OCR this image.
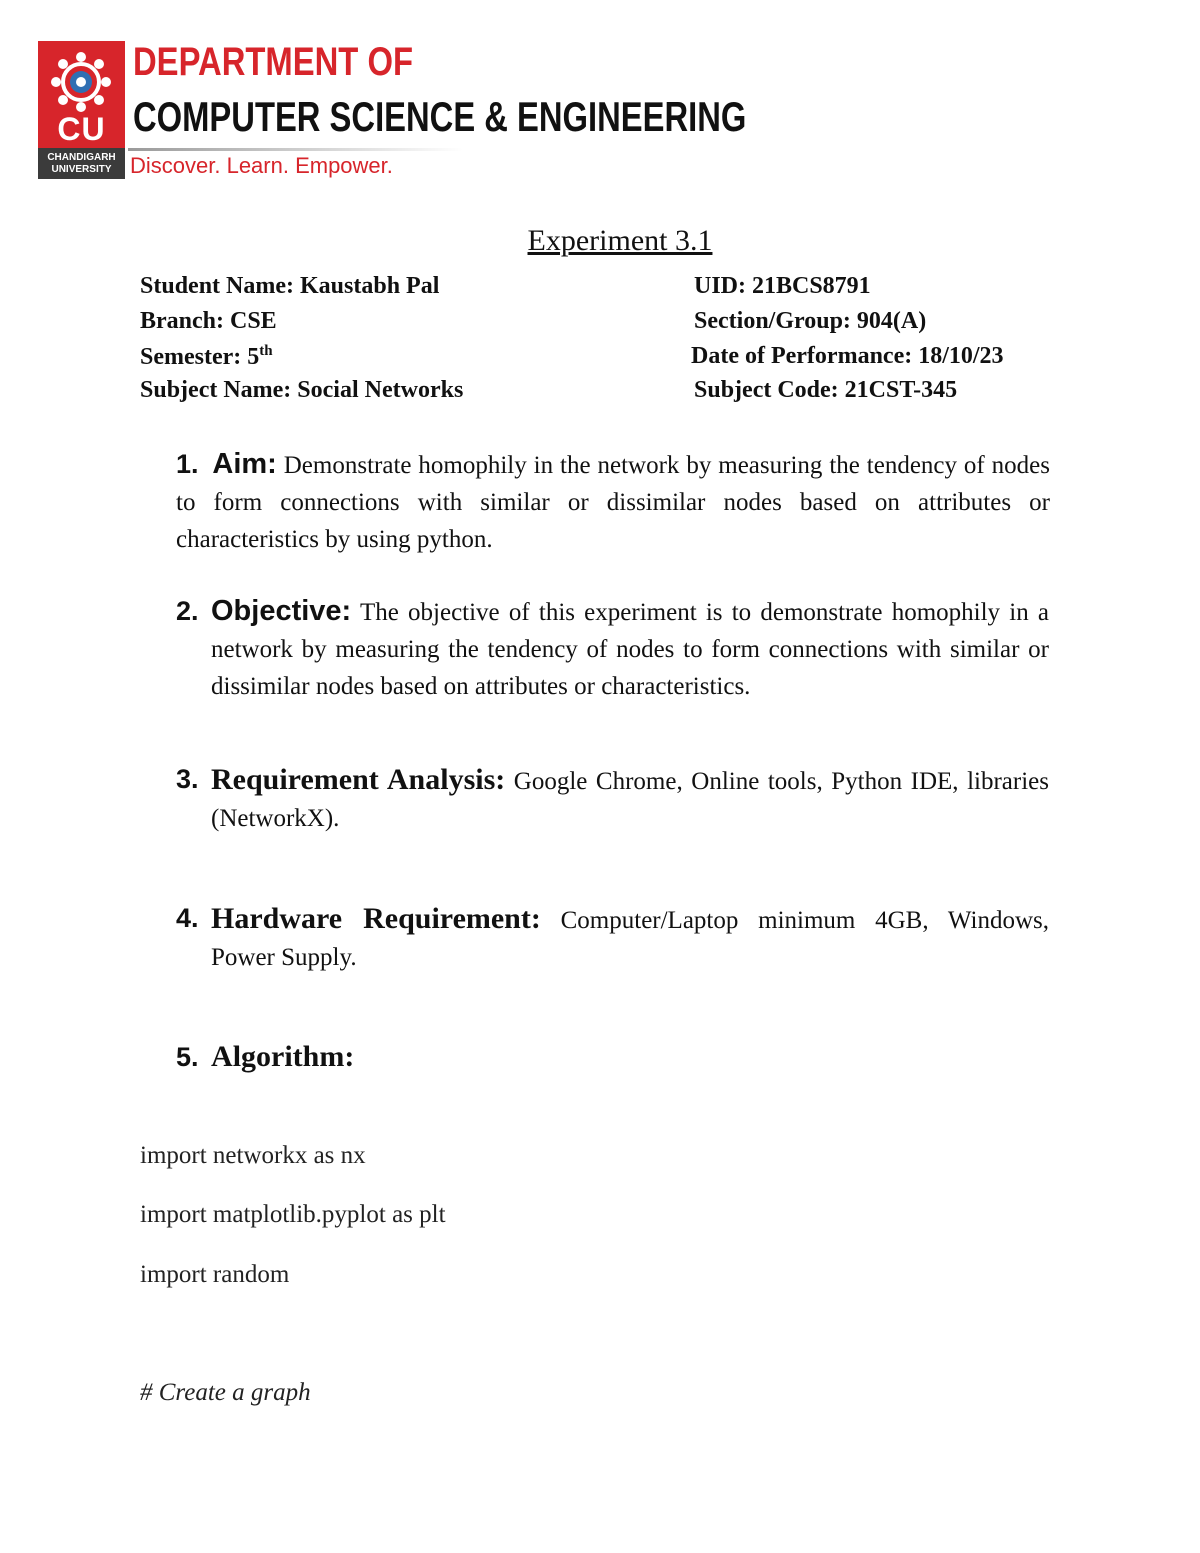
CU
CHANDIGARH UNIVERSITY
DEPARTMENT OF
COMPUTER SCIENCE & ENGINEERING
Discover. Learn. Empower.
Experiment 3.1
Student Name: Kaustabh Pal	UID: 21BCS8791
Branch: CSE	Section/Group: 904(A)
Semester: 5th	Date of Performance: 18/10/23
Subject Name: Social Networks	Subject Code: 21CST-345
1. Aim: Demonstrate homophily in the network by measuring the tendency of nodes to form connections with similar or dissimilar nodes based on attributes or characteristics by using python.
2. Objective: The objective of this experiment is to demonstrate homophily in a network by measuring the tendency of nodes to form connections with similar or dissimilar nodes based on attributes or characteristics.
3. Requirement Analysis: Google Chrome, Online tools, Python IDE, libraries (NetworkX).
4. Hardware Requirement: Computer/Laptop minimum 4GB, Windows, Power Supply.
5. Algorithm:
import networkx as nx
import matplotlib.pyplot as plt
import random
# Create a graph
